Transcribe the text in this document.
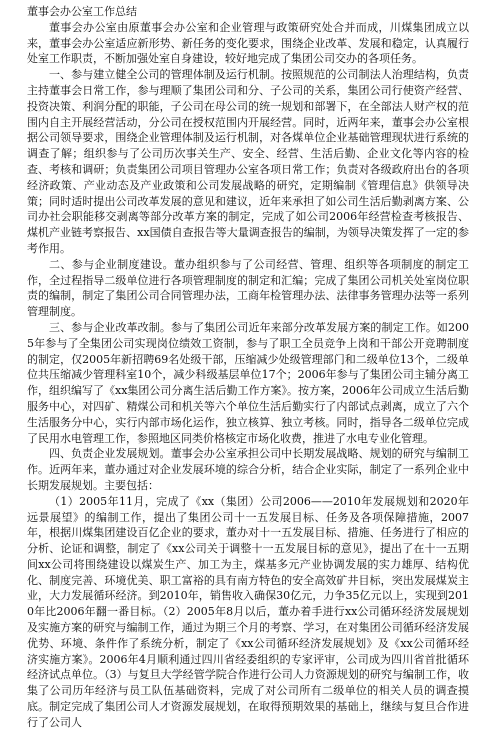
董事会办公室工作总结

董事会办公室由原董事会办公室和企业管理与政策研究处合并而成，川煤集团成立以来，董事会办公室适应新形势、新任务的变化要求，围绕企业改革、发展和稳定，认真履行处室工作职责，不断加强处室自身建设，较好地完成了集团公司交办的各项任务。

一、参与建立健全公司的管理体制及运行机制。按照规范的公司制法人治理结构，负责主持董事会日常工作，参与理顺了集团公司和分、子公司的关系，集团公司行使资产经营、投资决策、利润分配的职能，子公司在母公司的统一规划和部署下，在全部法人财产权的范围内自主开展经营活动，分公司在授权范围内开展经营。同时，近两年来，董事会办公室根据公司领导要求，围绕企业管理体制及运行机制，对各煤单位企业基础管理现状进行系统的调查了解；组织参与了公司历次事关生产、安全、经营、生活后勤、企业文化等内容的检查、考核和调研；负责集团公司项目管理办公室各项日常工作；负责对各级政府出台的各项经济政策、产业动态及产业政策和公司发展战略的研究，定期编制《管理信息》供领导决策；同时适时提出公司改革发展的意见和建议，近年来承担了如公司生活后勤剥离方案、公司办社会职能移交剥离等部分改革方案的制定，完成了如公司2006年经营检查考核报告、煤机产业链考察报告、xx国债自查报告等大量调查报告的编制，为领导决策发挥了一定的参考作用。

二、参与企业制度建设。董办组织参与了公司经营、管理、组织等各项制度的制定工作，全过程指导二级单位进行各项管理制度的制定和汇编；完成了集团公司机关处室岗位职责的编制，制定了集团公司合同管理办法，工商年检管理办法、法律事务管理办法等一系列管理制度。

三、参与企业改革改制。参与了集团公司近年来部分改革发展方案的制定工作。如2005年参与了全集团公司实现岗位绩效工资制，参与了职工全员竞争上岗和干部公开竞聘制度的制定，仅2005年新招聘69名处级干部，压缩减少处级管理部门和二级单位13个，二级单位共压缩减少管理科室10个，减少科级基层单位17个；2006年参与了集团公司主辅分离工作，组织编写了《xx集团公司分离生活后勤工作方案》。按方案，2006年公司成立生活后勤服务中心，对四矿、精煤公司和机关等六个单位生活后勤实行了内部试点剥离，成立了六个生活服务分中心，实行内部市场化运作，独立核算、独立考核。同时，指导各二级单位完成了民用水电管理工作，参照地区同类价格核定市场化收费，推进了水电专业化管理。

四、负责企业发展规划。董事会办公室承担公司中长期发展战略、规划的研究与编制工作。近两年来，董办通过对企业发展环境的综合分析，结合企业实际，制定了一系列企业中长期发展规划。主要包括：

（1）2005年11月，完成了《xx（集团）公司2006——2010年发展规划和2020年远景展望》的编制工作，提出了集团公司十一五发展目标、任务及各项保障措施，2007年，根据川煤集团建设百亿企业的要求，董办对十一五发展目标、措施、任务进行了相应的分析、论证和调整，制定了《xx公司关于调整十一五发展目标的意见》，提出了在十一五期间xx公司将围绕建设以煤炭生产、加工为主，煤基多元产业协调发展的实力雄厚、结构优化、制度完善、环境优美、职工富裕的具有南方特色的安全高效矿井目标，突出发展煤炭主业，大力发展循环经济。到2010年，销售收入确保30亿元，力争35亿元以上，实现到2010年比2006年翻一番目标。（2）2005年8月以后，董办着手进行xx公司循环经济发展规划及实施方案的研究与编制工作，通过为期三个月的考察、学习，在对集团公司循环经济发展优势、环境、条件作了系统分析，制定了《xx公司循环经济发展规划》及《xx公司循环经济实施方案》。2006年4月顺利通过四川省经委组织的专家评审，公司成为四川省首批循环经济试点单位。（3）与复旦大学经管学院合作进行公司人力资源规划的研究与编制工作，收集了公司历年经济与员工队伍基础资料，完成了对公司所有二级单位的相关人员的调查摸底。制定完成了集团公司人才资源发展规划，在取得预期效果的基础上，继续与复旦合作进行了公司人
